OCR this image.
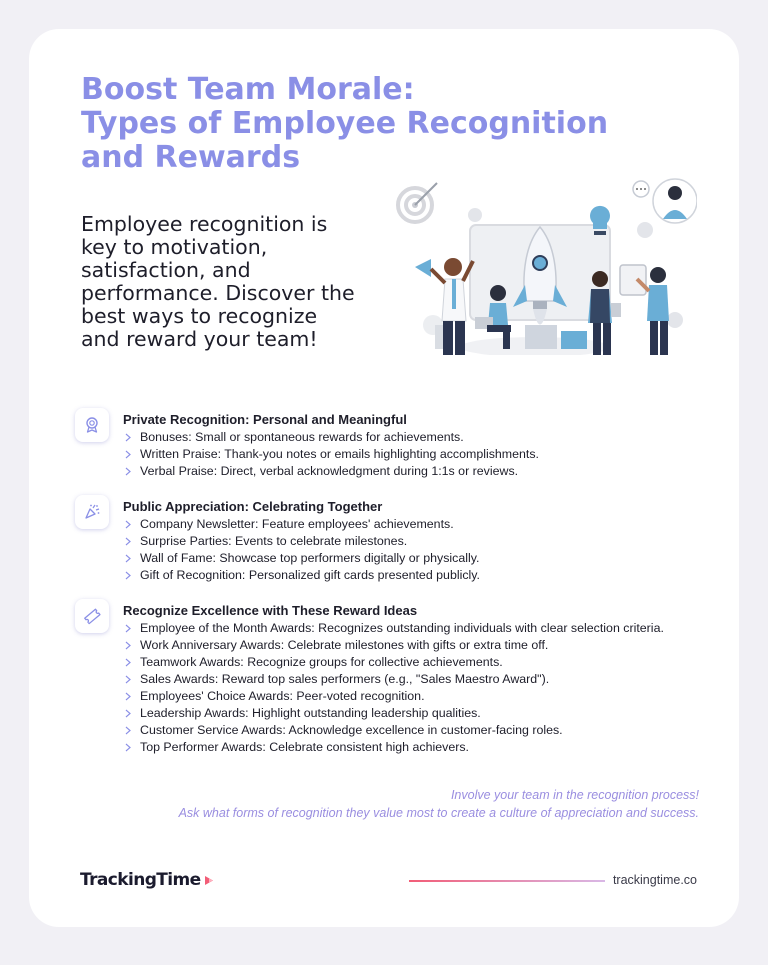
Boost Team Morale:
Types of Employee Recognition
and Rewards

Employee recognition is
key to motivation,
satisfaction, and
performance. Discover the
best ways to recognize
and reward your team!

Private Recognition: Personal and Meaningful
Bonuses: Small or spontaneous rewards for achievements.
Written Praise: Thank-you notes or emails highlighting accomplishments.
Verbal Praise: Direct, verbal acknowledgment during 1:1s or reviews.
Public Appreciation: Celebrating Together
Company Newsletter: Feature employees' achievements.
Surprise Parties: Events to celebrate milestones.
Wall of Fame: Showcase top performers digitally or physically.
Gift of Recognition: Personalized gift cards presented publicly.
Recognize Excellence with These Reward Ideas
Employee of the Month Awards: Recognizes outstanding individuals with clear selection criteria.
Work Anniversary Awards: Celebrate milestones with gifts or extra time off.
Teamwork Awards: Recognize groups for collective achievements.
Sales Awards: Reward top sales performers (e.g., "Sales Maestro Award").
Employees' Choice Awards: Peer-voted recognition.
Leadership Awards: Highlight outstanding leadership qualities.
Customer Service Awards: Acknowledge excellence in customer-facing roles.
Top Performer Awards: Celebrate consistent high achievers.

Involve your team in the recognition process!
Ask what forms of recognition they value most to create a culture of appreciation and success.

TrackingTime	trackingtime.co
